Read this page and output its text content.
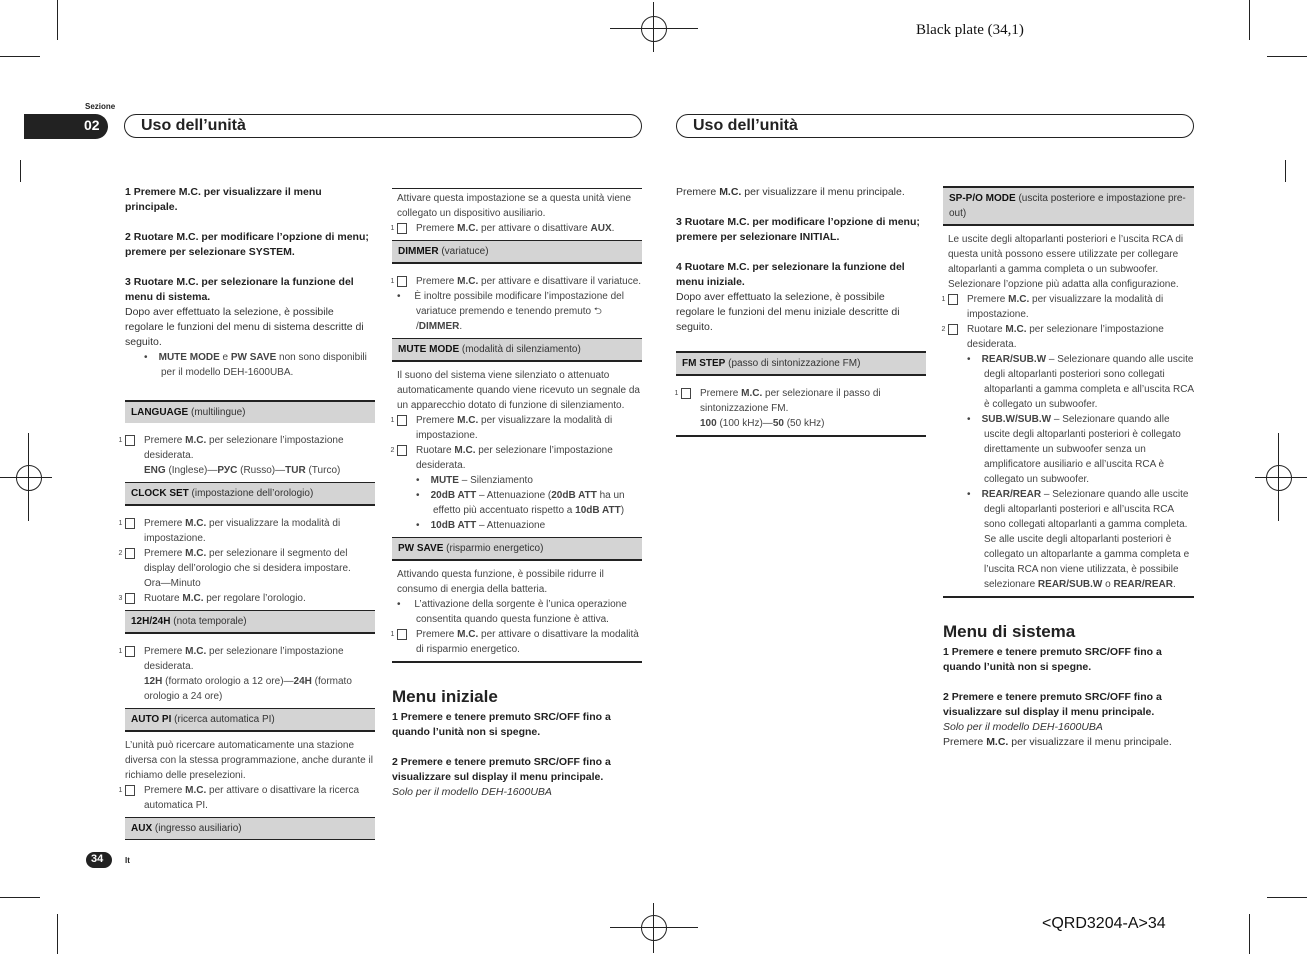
Black plate (34,1)
<QRD3204-A>34
Sezione
02	Uso dell’unità	Uso dell’unità

1 Premere M.C. per visualizzare il menu principale.

2 Ruotare M.C. per modificare l’opzione di menu; premere per selezionare SYSTEM.

3 Ruotare M.C. per selezionare la funzione del menu di sistema.

Dopo aver effettuato la selezione, è possibile regolare le funzioni del menu di sistema descritte di seguito.

•    MUTE MODE e PW SAVE non sono disponibili per il modello DEH-1600UBA.

LANGUAGE (multilingue)

1 Premere M.C. per selezionare l’impostazione desiderata.

ENG (Inglese)—РУС (Russo)—TUR (Turco)

CLOCK SET (impostazione dell’orologio)

1 Premere M.C. per visualizzare la modalità di impostazione.

2 Premere M.C. per selezionare il segmento del display dell’orologio che si desidera impostare.

Ora—Minuto

3 Ruotare M.C. per regolare l’orologio.

12H/24H (nota temporale)

1 Premere M.C. per selezionare l’impostazione desiderata.

12H (formato orologio a 12 ore)—24H (formato orologio a 24 ore)

AUTO PI (ricerca automatica PI)

L’unità può ricercare automaticamente una stazione diversa con la stessa programmazione, anche durante il richiamo delle preselezioni.

1 Premere M.C. per attivare o disattivare la ricerca automatica PI.

AUX (ingresso ausiliario)

Attivare questa impostazione se a questa unità viene collegato un dispositivo ausiliario.

1 Premere M.C. per attivare o disattivare AUX.

DIMMER (variatuce)

1 Premere M.C. per attivare e disattivare il variatuce.

•     È inoltre possibile modificare l’impostazione del variatuce premendo e tenendo premuto ⮌ /DIMMER.

MUTE MODE (modalità di silenziamento)

Il suono del sistema viene silenziato o attenuato automaticamente quando viene ricevuto un segnale da un apparecchio dotato di funzione di silenziamento.

1 Premere M.C. per visualizzare la modalità di impostazione.

2 Ruotare M.C. per selezionare l’impostazione desiderata.

•    MUTE – Silenziamento

•    20dB ATT – Attenuazione (20dB ATT ha un effetto più accentuato rispetto a 10dB ATT)

•    10dB ATT – Attenuazione

PW SAVE (risparmio energetico)

Attivando questa funzione, è possibile ridurre il consumo di energia della batteria.

•     L’attivazione della sorgente è l’unica operazione consentita quando questa funzione è attiva.

1 Premere M.C. per attivare o disattivare la modalità di risparmio energetico.

Menu iniziale

1 Premere e tenere premuto SRC/OFF fino a quando l’unità non si spegne.

2 Premere e tenere premuto SRC/OFF fino a visualizzare sul display il menu principale.

Solo per il modello DEH-1600UBA

Premere M.C. per visualizzare il menu principale.

3 Ruotare M.C. per modificare l’opzione di menu; premere per selezionare INITIAL.

4 Ruotare M.C. per selezionare la funzione del menu iniziale.

Dopo aver effettuato la selezione, è possibile regolare le funzioni del menu iniziale descritte di seguito.

FM STEP (passo di sintonizzazione FM)

1 Premere M.C. per selezionare il passo di sintonizzazione FM.

100 (100 kHz)—50 (50 kHz)

SP-P/O MODE (uscita posteriore e impostazione pre-out)

Le uscite degli altoparlanti posteriori e l’uscita RCA di questa unità possono essere utilizzate per collegare altoparlanti a gamma completa o un subwoofer. Selezionare l’opzione più adatta alla configurazione.

1 Premere M.C. per visualizzare la modalità di impostazione.

2 Ruotare M.C. per selezionare l’impostazione desiderata.

•    REAR/SUB.W – Selezionare quando alle uscite degli altoparlanti posteriori sono collegati altoparlanti a gamma completa e all’uscita RCA è collegato un subwoofer.

•    SUB.W/SUB.W – Selezionare quando alle uscite degli altoparlanti posteriori è collegato direttamente un subwoofer senza un amplificatore ausiliario e all’uscita RCA è collegato un subwoofer.

•    REAR/REAR – Selezionare quando alle uscite degli altoparlanti posteriori e all’uscita RCA sono collegati altoparlanti a gamma completa.

Se alle uscite degli altoparlanti posteriori è collegato un altoparlante a gamma completa e l’uscita RCA non viene utilizzata, è possibile selezionare REAR/SUB.W o REAR/REAR.

Menu di sistema

1 Premere e tenere premuto SRC/OFF fino a quando l’unità non si spegne.

2 Premere e tenere premuto SRC/OFF fino a visualizzare sul display il menu principale.

Solo per il modello DEH-1600UBA

Premere M.C. per visualizzare il menu principale.

34	It
